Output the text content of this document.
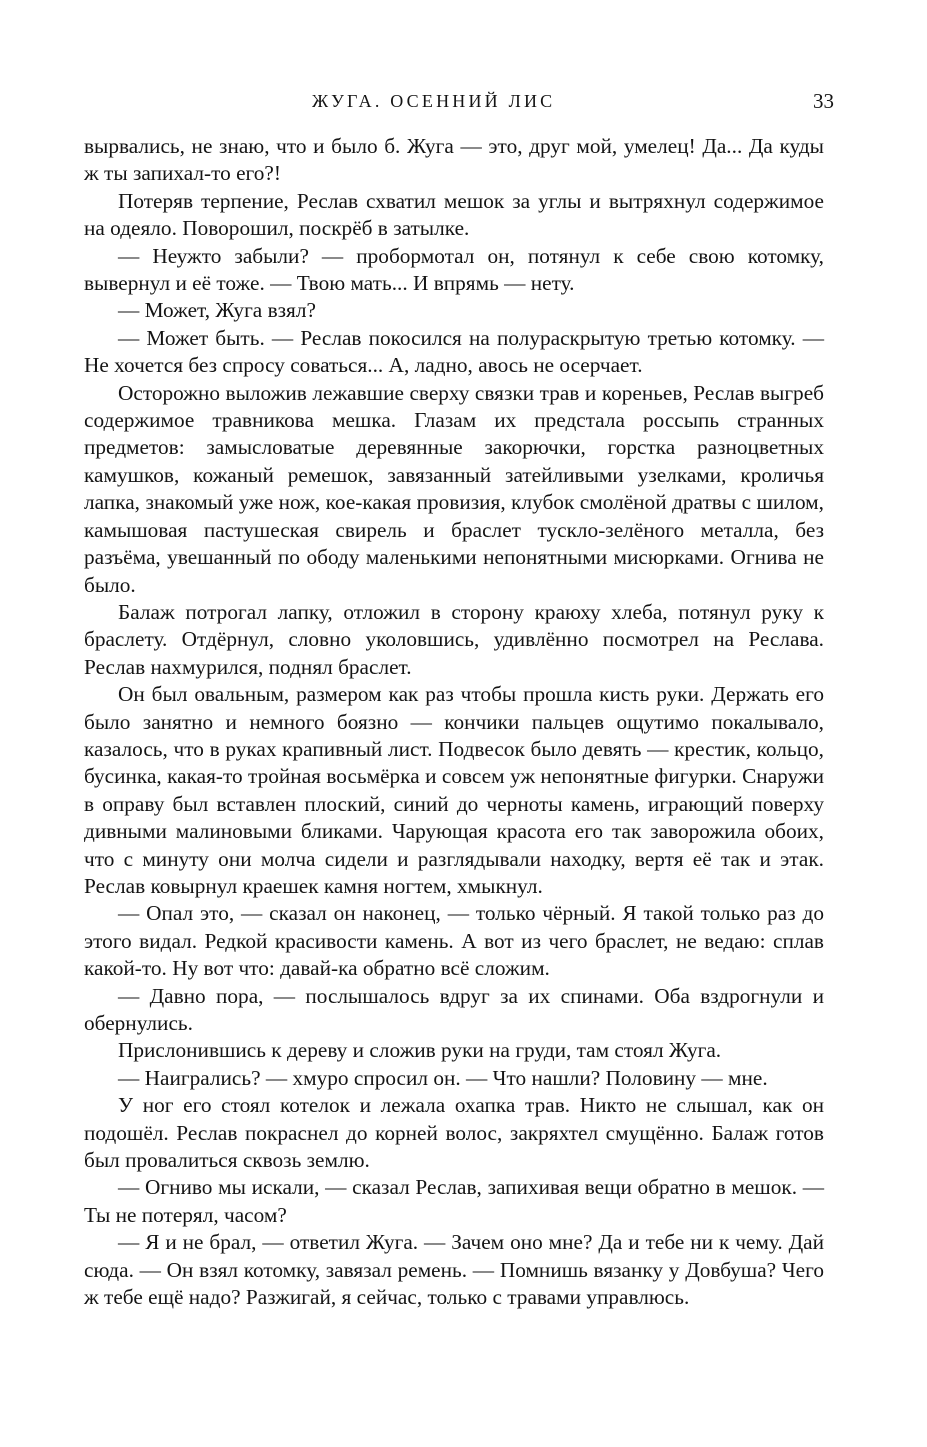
ЖУГА. ОСЕННИЙ ЛИС	33

вырвались, не знаю, что и было б. Жуга — это, друг мой, умелец! Да... Да куды ж ты запихал-то его?!

Потеряв терпение, Реслав схватил мешок за углы и вытряхнул содержимое на одеяло. Поворошил, поскрёб в затылке.

— Неужто забыли? — пробормотал он, потянул к себе свою котомку, вывернул и её тоже. — Твою мать... И впрямь — нету.

— Может, Жуга взял?

— Может быть. — Реслав покосился на полураскрытую третью котомку. — Не хочется без спросу соваться... А, ладно, авось не осерчает.

Осторожно выложив лежавшие сверху связки трав и кореньев, Реслав выгреб содержимое травникова мешка. Глазам их предстала россыпь странных предметов: замысловатые деревянные закорючки, горстка разноцветных камушков, кожаный ремешок, завязанный затейливыми узелками, кроличья лапка, знакомый уже нож, кое-какая провизия, клубок смолёной дратвы с шилом, камышовая пастушеская свирель и браслет тускло-зелёного металла, без разъёма, увешанный по ободу маленькими непонятными мисюрками. Огнива не было.

Балаж потрогал лапку, отложил в сторону краюху хлеба, потянул руку к браслету. Отдёрнул, словно уколовшись, удивлённо посмотрел на Реслава. Реслав нахмурился, поднял браслет.

Он был овальным, размером как раз чтобы прошла кисть руки. Держать его было занятно и немного боязно — кончики пальцев ощутимо покалывало, казалось, что в руках крапивный лист. Подвесок было девять — крестик, кольцо, бусинка, какая-то тройная восьмёрка и совсем уж непонятные фигурки. Снаружи в оправу был вставлен плоский, синий до черноты камень, играющий поверху дивными малиновыми бликами. Чарующая красота его так заворожила обоих, что с минуту они молча сидели и разглядывали находку, вертя её так и этак. Реслав ковырнул краешек камня ногтем, хмыкнул.

— Опал это, — сказал он наконец, — только чёрный. Я такой только раз до этого видал. Редкой красивости камень. А вот из чего браслет, не ведаю: сплав какой-то. Ну вот что: давай-ка обратно всё сложим.

— Давно пора, — послышалось вдруг за их спинами. Оба вздрогнули и обернулись.

Прислонившись к дереву и сложив руки на груди, там стоял Жуга.

— Наигрались? — хмуро спросил он. — Что нашли? Половину — мне.

У ног его стоял котелок и лежала охапка трав. Никто не слышал, как он подошёл. Реслав покраснел до корней волос, закряхтел смущённо. Балаж готов был провалиться сквозь землю.

— Огниво мы искали, — сказал Реслав, запихивая вещи обратно в мешок. — Ты не потерял, часом?

— Я и не брал, — ответил Жуга. — Зачем оно мне? Да и тебе ни к чему. Дай сюда. — Он взял котомку, завязал ремень. — Помнишь вязанку у Довбуша? Чего ж тебе ещё надо? Разжигай, я сейчас, только с травами управлюсь.
